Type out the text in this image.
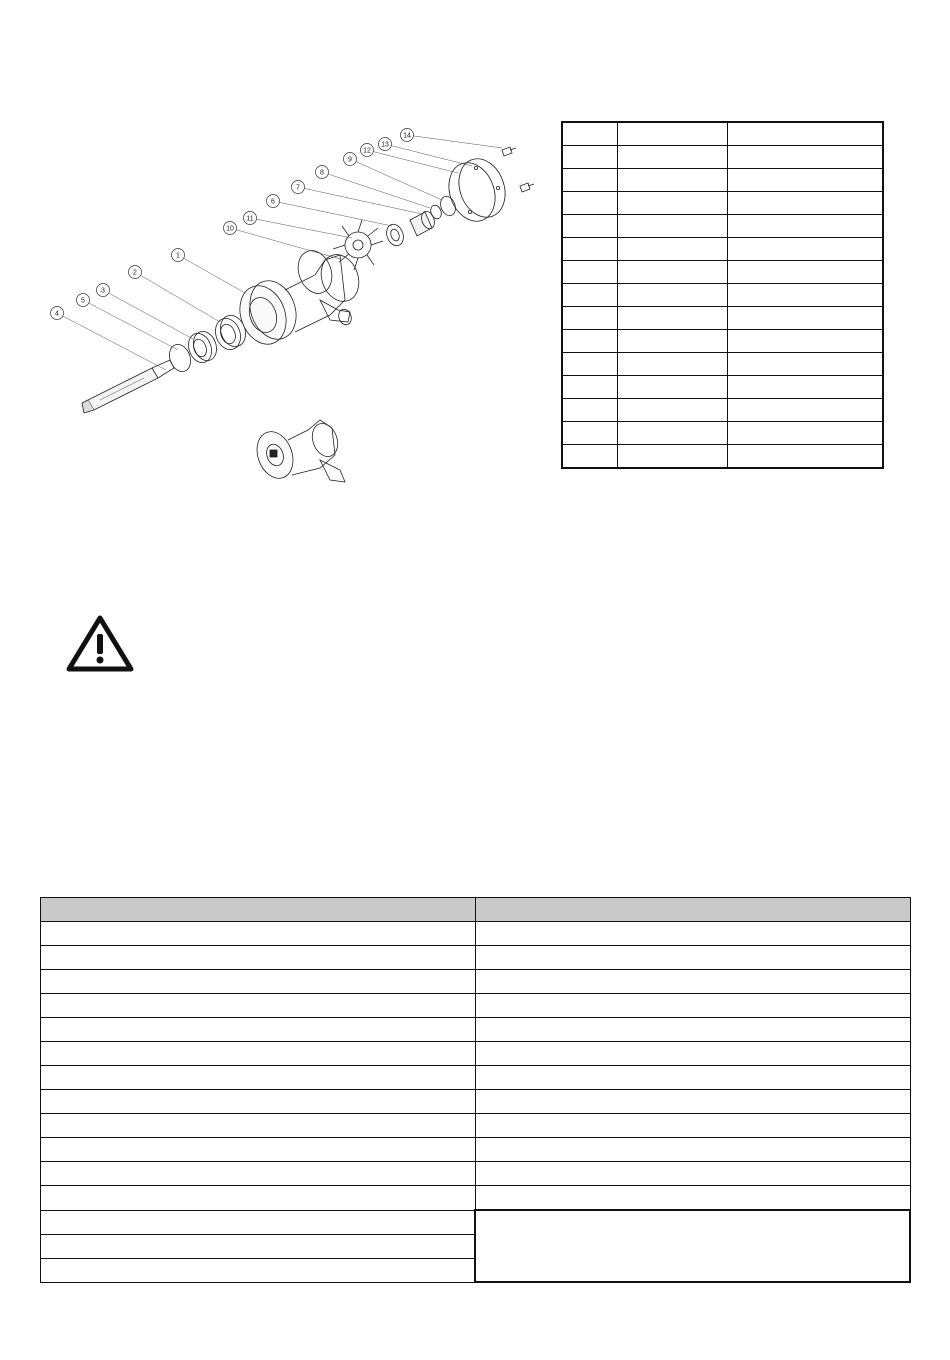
4
5
3
2
1
10
11
6
7
8
9
12
13
14
